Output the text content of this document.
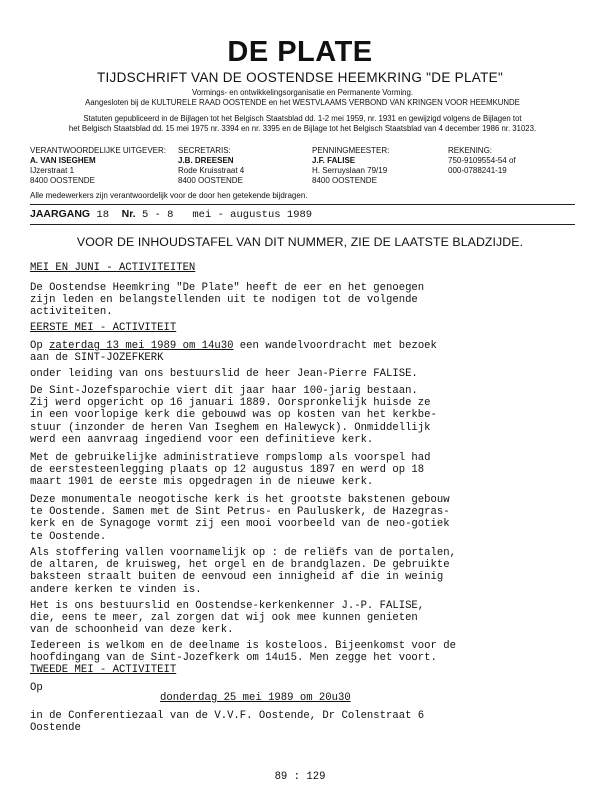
DE PLATE
TIJDSCHRIFT VAN DE OOSTENDSE HEEMKRING "DE PLATE"
Vormings- en ontwikkelingsorganisatie en Permanente Vorming.
Aangesloten bij de KULTURELE RAAD OOSTENDE en het WESTVLAAMS VERBOND VAN KRINGEN VOOR HEEMKUNDE
Statuten gepubliceerd in de Bijlagen tot het Belgisch Staatsblad dd. 1-2 mei 1959, nr. 1931 en gewijzigd volgens de Bijlagen tot
het Belgisch Staatsblad dd. 15 mei 1975 nr. 3394 en nr. 3395 en de Bijlage tot het Belgisch Staatsblad van 4 december 1986 nr. 31023.
VERANTWOORDELIJKE UITGEVER:
A. VAN ISEGHEM
IJzerstraat 1
8400 OOSTENDE
SECRETARIS:
J.B. DREESEN
Rode Kruisstraat 4
8400 OOSTENDE
PENNINGMEESTER:
J.F. FALISE
H. Serruyslaan 79/19
8400 OOSTENDE
REKENING:
750-9109554-54 of
000-0788241-19
Alle medewerkers zijn verantwoordelijk voor de door hen getekende bijdragen.
JAARGANG 18 Nr. 5 - 8 mei - augustus 1989
VOOR DE INHOUDSTAFEL VAN DIT NUMMER, ZIE DE LAATSTE BLADZIJDE.
MEI EN JUNI - ACTIVITEITEN
De Oostendse Heemkring "De Plate" heeft de eer en het genoegen
zijn leden en belangstellenden uit te nodigen tot de volgende
activiteiten.
EERSTE MEI - ACTIVITEIT
Op zaterdag 13 mei 1989 om 14u30 een wandelvoordracht met bezoek
aan de SINT-JOZEFKERK
onder leiding van ons bestuurslid de heer Jean-Pierre FALISE.
De Sint-Jozefsparochie viert dit jaar haar 100-jarig bestaan.
Zij werd opgericht op 16 januari 1889. Oorspronkelijk huisde ze
in een voorlopige kerk die gebouwd was op kosten van het kerkbe-
stuur (inzonder de heren Van Iseghem en Halewyck). Onmiddellijk
werd een aanvraag ingediend voor een definitieve kerk.
Met de gebruikelijke administratieve rompslomp als voorspel had
de eerstesteenlegging plaats op 12 augustus 1897 en werd op 18
maart 1901 de eerste mis opgedragen in de nieuwe kerk.
Deze monumentale neogotische kerk is het grootste bakstenen gebouw
te Oostende. Samen met de Sint Petrus- en Pauluskerk, de Hazegras-
kerk en de Synagoge vormt zij een mooi voorbeeld van de neo-gotiek
te Oostende.
Als stoffering vallen voornamelijk op : de reliëfs van de portalen,
de altaren, de kruisweg, het orgel en de brandglazen. De gebruikte
baksteen straalt buiten de eenvoud een innigheid af die in weinig
andere kerken te vinden is.
Het is ons bestuurslid en Oostendse-kerkenkenner J.-P. FALISE,
die, eens te meer, zal zorgen dat wij ook mee kunnen genieten
van de schoonheid van deze kerk.
Iedereen is welkom en de deelname is kosteloos. Bijeenkomst voor de
hoofdingang van de Sint-Jozefkerk om 14u15. Men zegge het voort.
TWEEDE MEI - ACTIVITEIT
Op
donderdag 25 mei 1989 om 20u30
in de Conferentiezaal van de V.V.F. Oostende, Dr Colenstraat 6
Oostende
89 : 129
